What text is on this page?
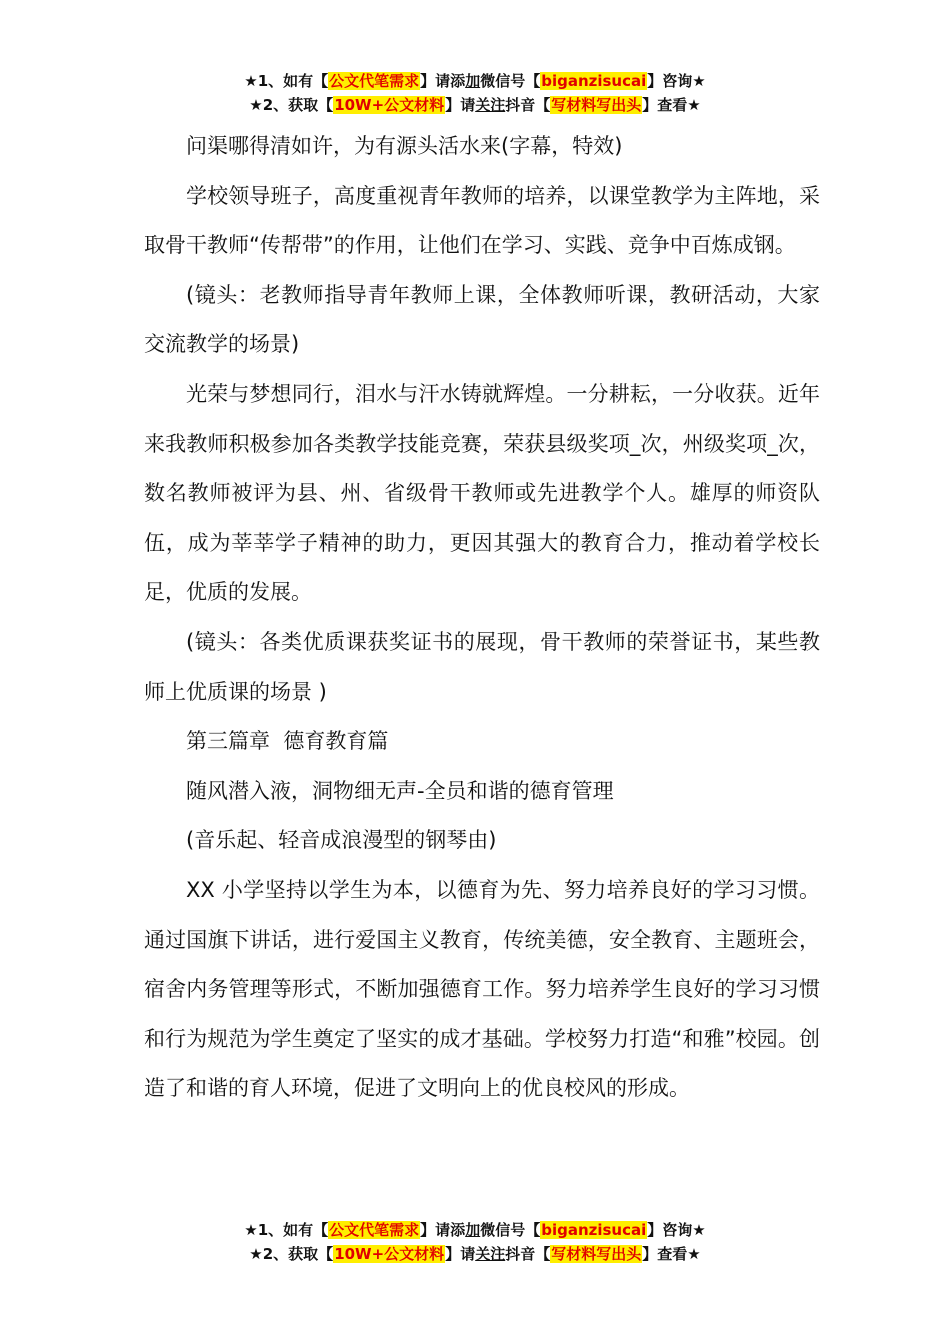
★1、如有【公文代笔需求】请添加微信号【biganzisucai】咨询★
★2、获取【10W+公文材料】请关注抖音【写材料写出头】查看★

问渠哪得清如许，为有源头活水来(字幕，特效)

学校领导班子，高度重视青年教师的培养，以课堂教学为主阵地，采取骨干教师“传帮带”的作用，让他们在学习、实践、竞争中百炼成钢。

(镜头：老教师指导青年教师上课，全体教师听课，教研活动，大家交流教学的场景)

光荣与梦想同行，泪水与汗水铸就辉煌。一分耕耘，一分收获。近年来我教师积极参加各类教学技能竞赛，荣获县级奖项_次，州级奖项_次，数名教师被评为县、州、省级骨干教师或先进教学个人。雄厚的师资队伍，成为莘莘学子精神的助力，更因其强大的教育合力，推动着学校长足，优质的发展。

(镜头：各类优质课获奖证书的展现，骨干教师的荣誉证书，某些教师上优质课的场景 )

第三篇章  德育教育篇

随风潜入液，洞物细无声-全员和谐的德育管理

(音乐起、轻音成浪漫型的钢琴由)

XX 小学坚持以学生为本，以德育为先、努力培养良好的学习习惯。通过国旗下讲话，进行爱国主义教育，传统美德，安全教育、主题班会，宿舍内务管理等形式，不断加强德育工作。努力培养学生良好的学习习惯和行为规范为学生奠定了坚实的成才基础。学校努力打造“和雅”校园。创造了和谐的育人环境，促进了文明向上的优良校风的形成。

★1、如有【公文代笔需求】请添加微信号【biganzisucai】咨询★
★2、获取【10W+公文材料】请关注抖音【写材料写出头】查看★
